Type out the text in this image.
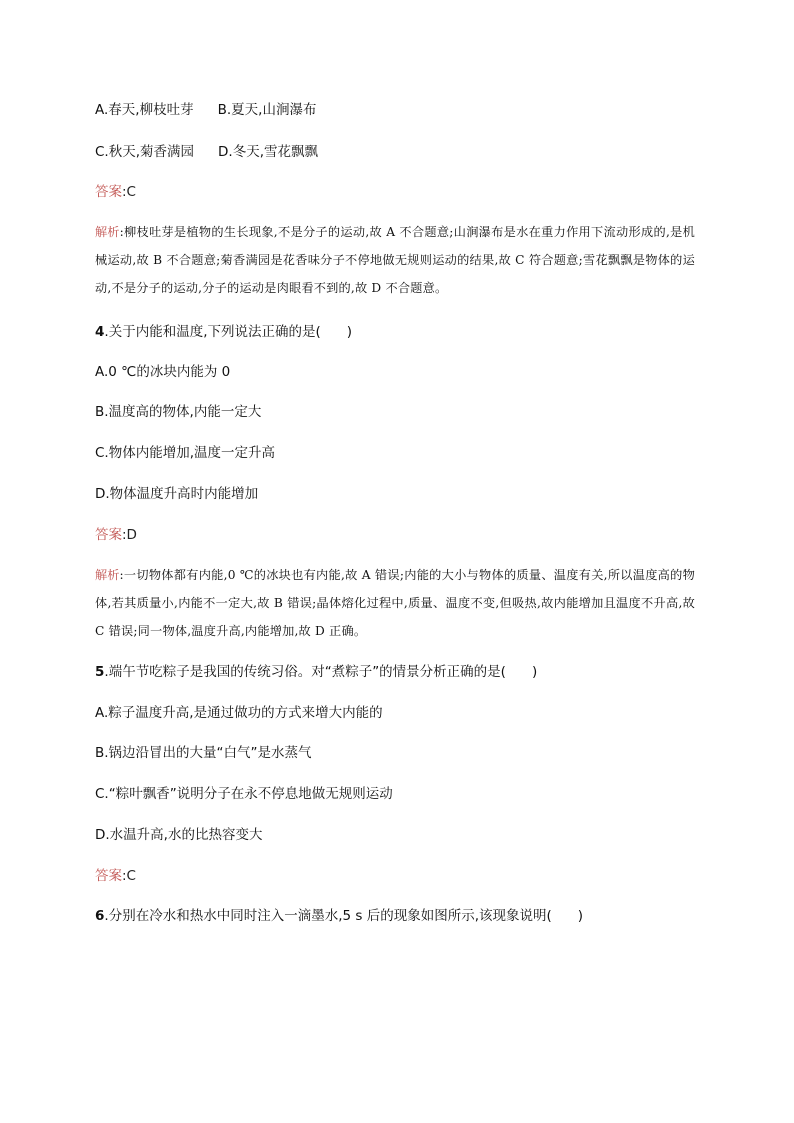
A.春天,柳枝吐芽 B.夏天,山涧瀑布
C.秋天,菊香满园 D.冬天,雪花飘飘
答案:C
解析:柳枝吐芽是植物的生长现象,不是分子的运动,故 A 不合题意;山涧瀑布是水在重力作用下流动形成的,是机械运动,故 B 不合题意;菊香满园是花香味分子不停地做无规则运动的结果,故 C 符合题意;雪花飘飘是物体的运动,不是分子的运动,分子的运动是肉眼看不到的,故 D 不合题意。
4.关于内能和温度,下列说法正确的是( )
A.0 ℃的冰块内能为 0
B.温度高的物体,内能一定大
C.物体内能增加,温度一定升高
D.物体温度升高时内能增加
答案:D
解析:一切物体都有内能,0 ℃的冰块也有内能,故 A 错误;内能的大小与物体的质量、温度有关,所以温度高的物体,若其质量小,内能不一定大,故 B 错误;晶体熔化过程中,质量、温度不变,但吸热,故内能增加且温度不升高,故 C 错误;同一物体,温度升高,内能增加,故 D 正确。
5.端午节吃粽子是我国的传统习俗。对“煮粽子”的情景分析正确的是( )
A.粽子温度升高,是通过做功的方式来增大内能的
B.锅边沿冒出的大量“白气”是水蒸气
C.“粽叶飘香”说明分子在永不停息地做无规则运动
D.水温升高,水的比热容变大
答案:C
6.分别在冷水和热水中同时注入一滴墨水,5 s 后的现象如图所示,该现象说明( )
